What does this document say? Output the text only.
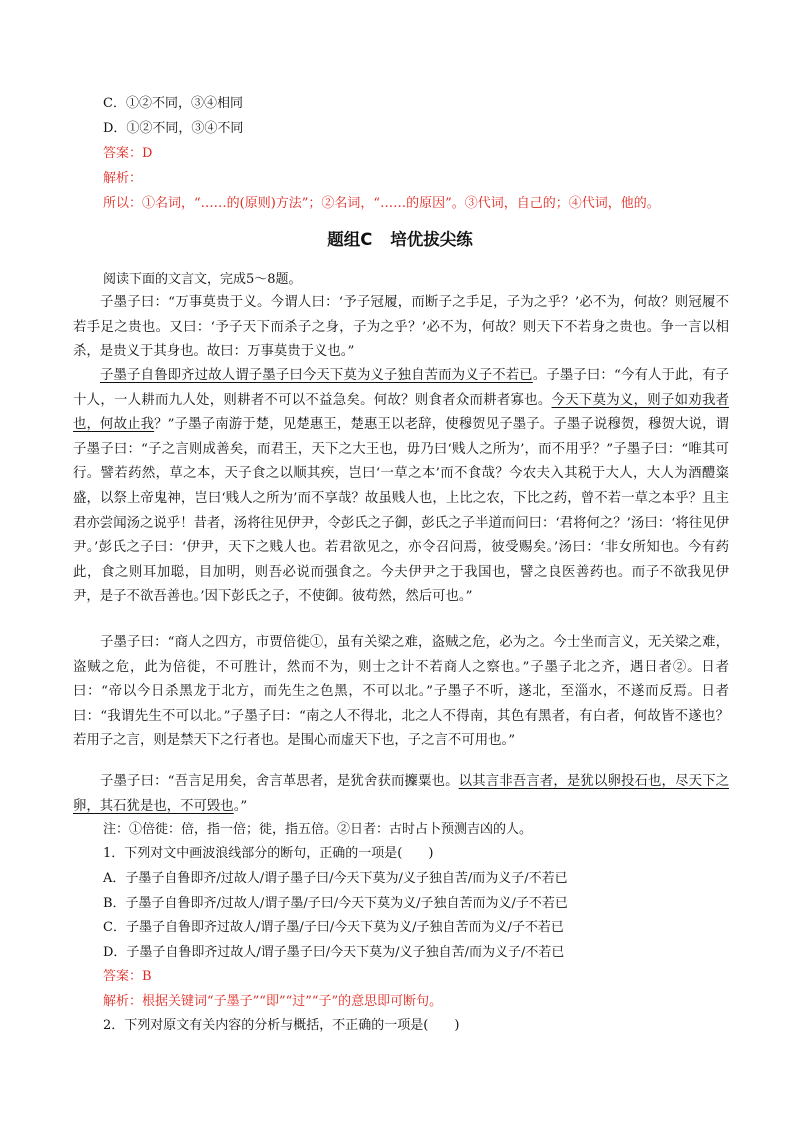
C．①②不同，③④相同
D．①②不同，③④不同
答案：D
解析：
所以：①名词，“……的(原则)方法”；②名词，“……的原因”。③代词，自己的；④代词，他的。
题组C 培优拔尖练
阅读下面的文言文，完成5～8题。
子墨子曰：“万事莫贵于义。今谓人曰：‘予子冠履，而断子之手足，子为之乎？’必不为，何故？则冠履不若手足之贵也。又曰：‘予子天下而杀子之身，子为之乎？’必不为，何故？则天下不若身之贵也。争一言以相杀，是贵义于其身也。故曰：万事莫贵于义也。”
子墨子自鲁即齐过故人谓子墨子曰今天下莫为义子独自苦而为义子不若已。子墨子曰：“今有人于此，有子十人，一人耕而九人处，则耕者不可以不益急矣。何故？则食者众而耕者寡也。今天下莫为义，则子如劝我者也，何故止我？”子墨子南游于楚，见楚惠王，楚惠王以老辞，使穆贺见子墨子。子墨子说穆贺，穆贺大说，谓子墨子曰：“子之言则成善矣，而君王，天下之大王也，毋乃曰‘贱人之所为’，而不用乎？”子墨子曰：“唯其可行。譬若药然，草之本，天子食之以顺其疾，岂曰‘一草之本’而不食哉？今农夫入其税于大人，大人为酒醴粢盛，以祭上帝鬼神，岂曰‘贱人之所为’而不享哉？故虽贱人也，上比之农，下比之药，曾不若一草之本乎？且主君亦尝闻汤之说乎！昔者，汤将往见伊尹，令彭氏之子御，彭氏之子半道而问曰：‘君将何之？’汤曰：‘将往见伊尹。’彭氏之子曰：‘伊尹，天下之贱人也。若君欲见之，亦令召问焉，彼受赐矣。’汤曰：‘非女所知也。今有药此，食之则耳加聪，目加明，则吾必说而强食之。今夫伊尹之于我国也，譬之良医善药也。而子不欲我见伊尹，是子不欲吾善也。’因下彭氏之子，不使御。彼苟然，然后可也。”
子墨子曰：“商人之四方，市贾倍徙①，虽有关梁之难，盗贼之危，必为之。今士坐而言义，无关梁之难，盗贼之危，此为倍徙，不可胜计，然而不为，则士之计不若商人之察也。”子墨子北之齐，遇日者②。日者曰：“帝以今日杀黑龙于北方，而先生之色黑，不可以北。”子墨子不听，遂北，至淄水，不遂而反焉。日者曰：“我谓先生不可以北。”子墨子曰：“南之人不得北，北之人不得南，其色有黑者，有白者，何故皆不遂也？若用子之言，则是禁天下之行者也。是围心而虚天下也，子之言不可用也。”
子墨子曰：“吾言足用矣，舍言革思者，是犹舍获而攈粟也。以其言非吾言者，是犹以卵投石也，尽天下之卵，其石犹是也，不可毁也。”
注：①倍徙：倍，指一倍；徙，指五倍。②日者：古时占卜预测吉凶的人。
1．下列对文中画波浪线部分的断句，正确的一项是(　　)
A．子墨子自鲁即齐/过故人/谓子墨子曰/今天下莫为/义子独自苦/而为义子/不若已
B．子墨子自鲁即齐/过故人/谓子墨/子曰/今天下莫为义/子独自苦而为义/子不若已
C．子墨子自鲁即齐过故人/谓子墨/子曰/今天下莫为义/子独自苦而为义/子不若已
D．子墨子自鲁即齐过故人/谓子墨子曰/今天下莫为/义子独自苦/而为义子/不若已
答案：B
解析：根据关键词“子墨子”“即”“过”“子”的意思即可断句。
2．下列对原文有关内容的分析与概括，不正确的一项是(　　)
